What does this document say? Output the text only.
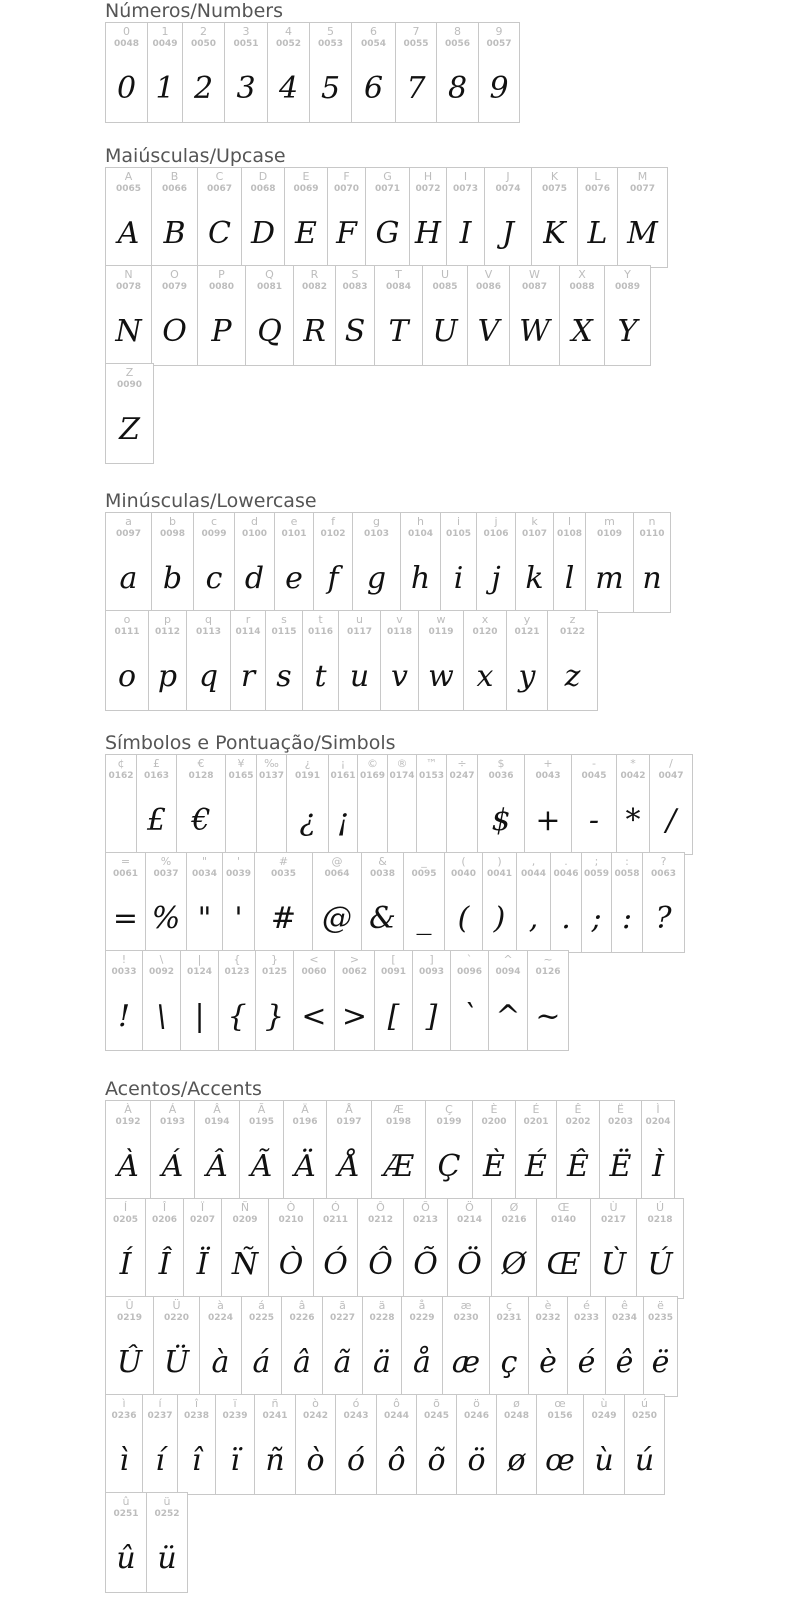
Números/Numbers
0
0048
0
1
0049
1
2
0050
2
3
0051
3
4
0052
4
5
0053
5
6
0054
6
7
0055
7
8
0056
8
9
0057
9
Maiúsculas/Upcase
A
0065
A
B
0066
B
C
0067
C
D
0068
D
E
0069
E
F
0070
F
G
0071
G
H
0072
H
I
0073
I
J
0074
J
K
0075
K
L
0076
L
M
0077
M
N
0078
N
O
0079
O
P
0080
P
Q
0081
Q
R
0082
R
S
0083
S
T
0084
T
U
0085
U
V
0086
V
W
0087
W
X
0088
X
Y
0089
Y
Z
0090
Z
Minúsculas/Lowercase
a
0097
a
b
0098
b
c
0099
c
d
0100
d
e
0101
e
f
0102
f
g
0103
g
h
0104
h
i
0105
i
j
0106
j
k
0107
k
l
0108
l
m
0109
m
n
0110
n
o
0111
o
p
0112
p
q
0113
q
r
0114
r
s
0115
s
t
0116
t
u
0117
u
v
0118
v
w
0119
w
x
0120
x
y
0121
y
z
0122
z
Símbolos e Pontuação/Simbols
¢
0162
£
0163
£
€
0128
€
¥
0165
‰
0137
¿
0191
¿
¡
0161
¡
©
0169
®
0174
™
0153
÷
0247
$
0036
$
+
0043
+
-
0045
-
*
0042
*
/
0047
/
=
0061
=
%
0037
%
"
0034
"
'
0039
'
#
0035
#
@
0064
@
&
0038
&
_
0095
_
(
0040
(
)
0041
)
,
0044
,
.
0046
.
;
0059
;
:
0058
:
?
0063
?
!
0033
!
\
0092
\
|
0124
|
{
0123
{
}
0125
}
<
0060
<
>
0062
>
[
0091
[
]
0093
]
`
0096
`
^
0094
^
~
0126
~
Acentos/Accents
À
0192
À
Á
0193
Á
Â
0194
Â
Ã
0195
Ã
Ä
0196
Ä
Å
0197
Å
Æ
0198
Æ
Ç
0199
Ç
È
0200
È
É
0201
É
Ê
0202
Ê
Ë
0203
Ë
Ì
0204
Ì
Í
0205
Í
Î
0206
Î
Ï
0207
Ï
Ñ
0209
Ñ
Ò
0210
Ò
Ó
0211
Ó
Ô
0212
Ô
Õ
0213
Õ
Ö
0214
Ö
Ø
0216
Ø
Œ
0140
Œ
Ù
0217
Ù
Ú
0218
Ú
Û
0219
Û
Ü
0220
Ü
à
0224
à
á
0225
á
â
0226
â
ã
0227
ã
ä
0228
ä
å
0229
å
æ
0230
æ
ç
0231
ç
è
0232
è
é
0233
é
ê
0234
ê
ë
0235
ë
ì
0236
ì
í
0237
í
î
0238
î
ï
0239
ï
ñ
0241
ñ
ò
0242
ò
ó
0243
ó
ô
0244
ô
õ
0245
õ
ö
0246
ö
ø
0248
ø
œ
0156
œ
ù
0249
ù
ú
0250
ú
û
0251
û
ü
0252
ü
